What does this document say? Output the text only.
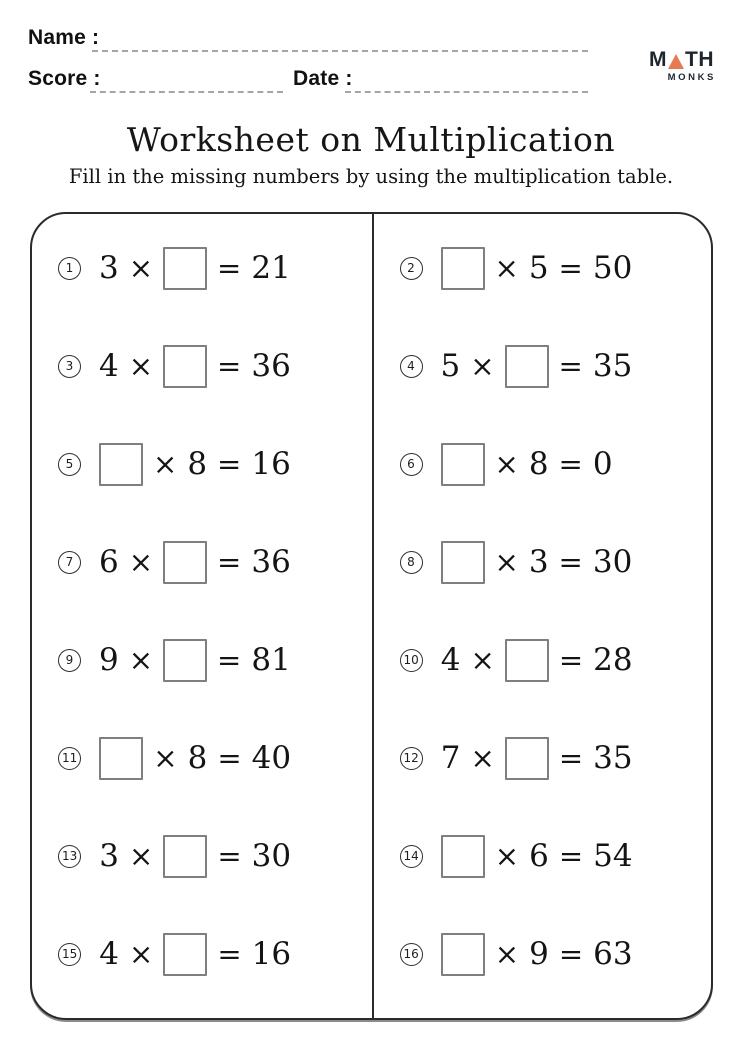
Name :
Score :	Date :
M TH
MONKS
Worksheet on Multiplication
Fill in the missing numbers by using the multiplication table.
1 3 × = 21
3 4 × = 36
5	× 8 = 16
7 6 × = 36
9 9 × = 81
11	× 8 = 40
13 3 × = 30
15 4 × = 16
2	× 5 = 50
4 5 × = 35
6	× 8 = 0
8	× 3 = 30
10 4 × = 28
12 7 × = 35
14	× 6 = 54
16	× 9 = 63
